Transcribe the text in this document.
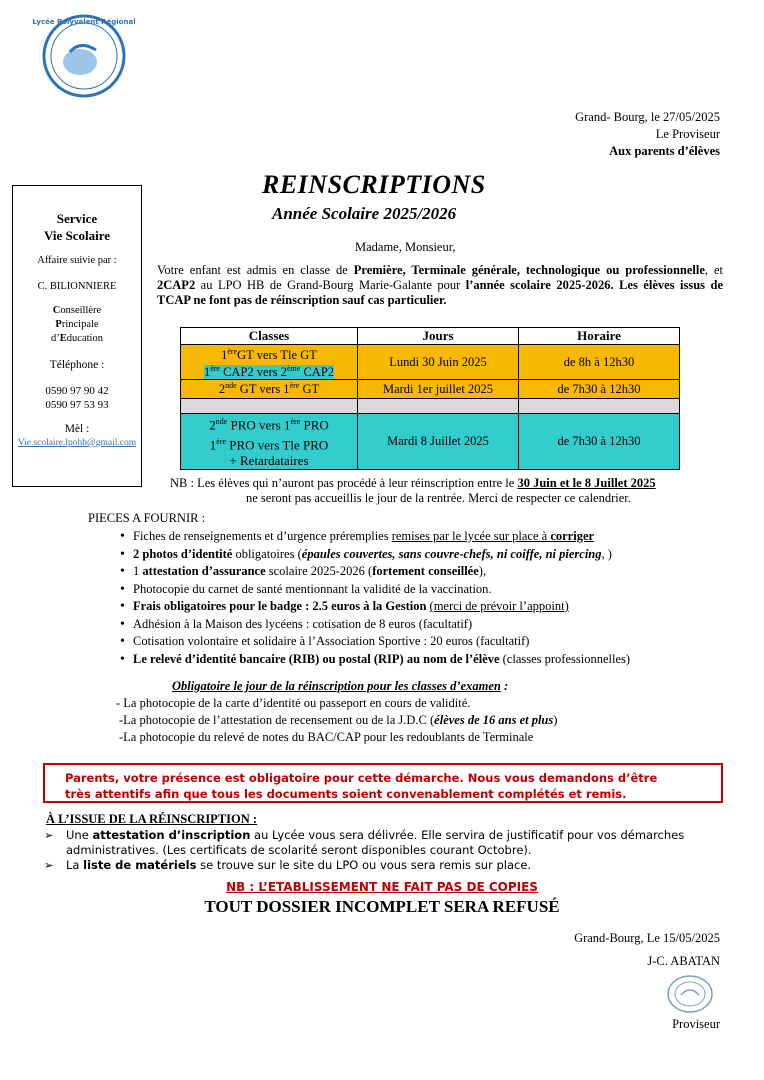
Lycée Polyvalent Régional
Grand- Bourg, le 27/05/2025
Le Proviseur
Aux parents d’élèves
REINSCRIPTIONS
Année Scolaire 2025/2026
Service
Vie Scolaire
Affaire suivie par :
C. BILIONNIERE
Conseillère
Principale
d’Education
Téléphone :
0590 97 90 42
0590 97 53 93
Mèl :
Vie.scolaire.lpohb@gmail.com
Madame, Monsieur,
Votre enfant est admis en classe de Première, Terminale générale, technologique ou professionnelle, et 2CAP2 au LPO HB de Grand-Bourg Marie-Galante pour l’année scolaire 2025-2026. Les élèves issus de TCAP ne font pas de réinscription sauf cas particulier.
Classes	Jours	Horaire

1èreGT vers Tle GT
1ère CAP2 vers 2ème CAP2	Lundi 30 Juin 2025	de 8h à 12h30
2nde GT vers 1ère GT	Mardi 1er juillet 2025	de 7h30 à 12h30

2nde PRO vers 1ère PRO
1ère PRO vers Tle PRO
+ Retardataires	Mardi 8 Juillet 2025	de 7h30 à 12h30
NB : Les élèves qui n’auront pas procédé à leur réinscription entre le 30 Juin et le 8 Juillet 2025
ne seront pas accueillis le jour de la rentrée. Merci de respecter ce calendrier.
PIECES A FOURNIR :
• Fiches de renseignements et d’urgence préremplies remises par le lycée sur place à corriger
• 2 photos d’identité obligatoires (épaules couvertes, sans couvre-chefs, ni coiffe, ni piercing, )
• 1 attestation d’assurance scolaire 2025-2026 (fortement conseillée),
• Photocopie du carnet de santé mentionnant la validité de la vaccination.
• Frais obligatoires pour le badge : 2.5 euros à la Gestion (merci de prévoir l’appoint)
• Adhésion à la Maison des lycéens : cotisation de 8 euros (facultatif)
• Cotisation volontaire et solidaire à l’Association Sportive : 20 euros (facultatif)
• Le relevé d’identité bancaire (RIB) ou postal (RIP) au nom de l’élève (classes professionnelles)
Obligatoire le jour de la réinscription pour les classes d’examen :
- La photocopie de la carte d’identité ou passeport en cours de validité.
-La photocopie de l’attestation de recensement ou de la J.D.C (élèves de 16 ans et plus)
-La photocopie du relevé de notes du BAC/CAP pour les redoublants de Terminale

Parents, votre présence est obligatoire pour cette démarche. Nous vous demandons d’être
très attentifs afin que tous les documents soient convenablement complétés et remis.

À L’ISSUE DE LA RÉINSCRIPTION :
➢ Une attestation d’inscription au Lycée vous sera délivrée. Elle servira de justificatif pour vos démarches administratives. (Les certificats de scolarité seront disponibles courant Octobre).
➢ La liste de matériels se trouve sur le site du LPO ou vous sera remis sur place.
NB : L’ETABLISSEMENT NE FAIT PAS DE COPIES
TOUT DOSSIER INCOMPLET SERA REFUSÉ
Grand-Bourg, Le 15/05/2025
J-C. ABATAN
Proviseur
